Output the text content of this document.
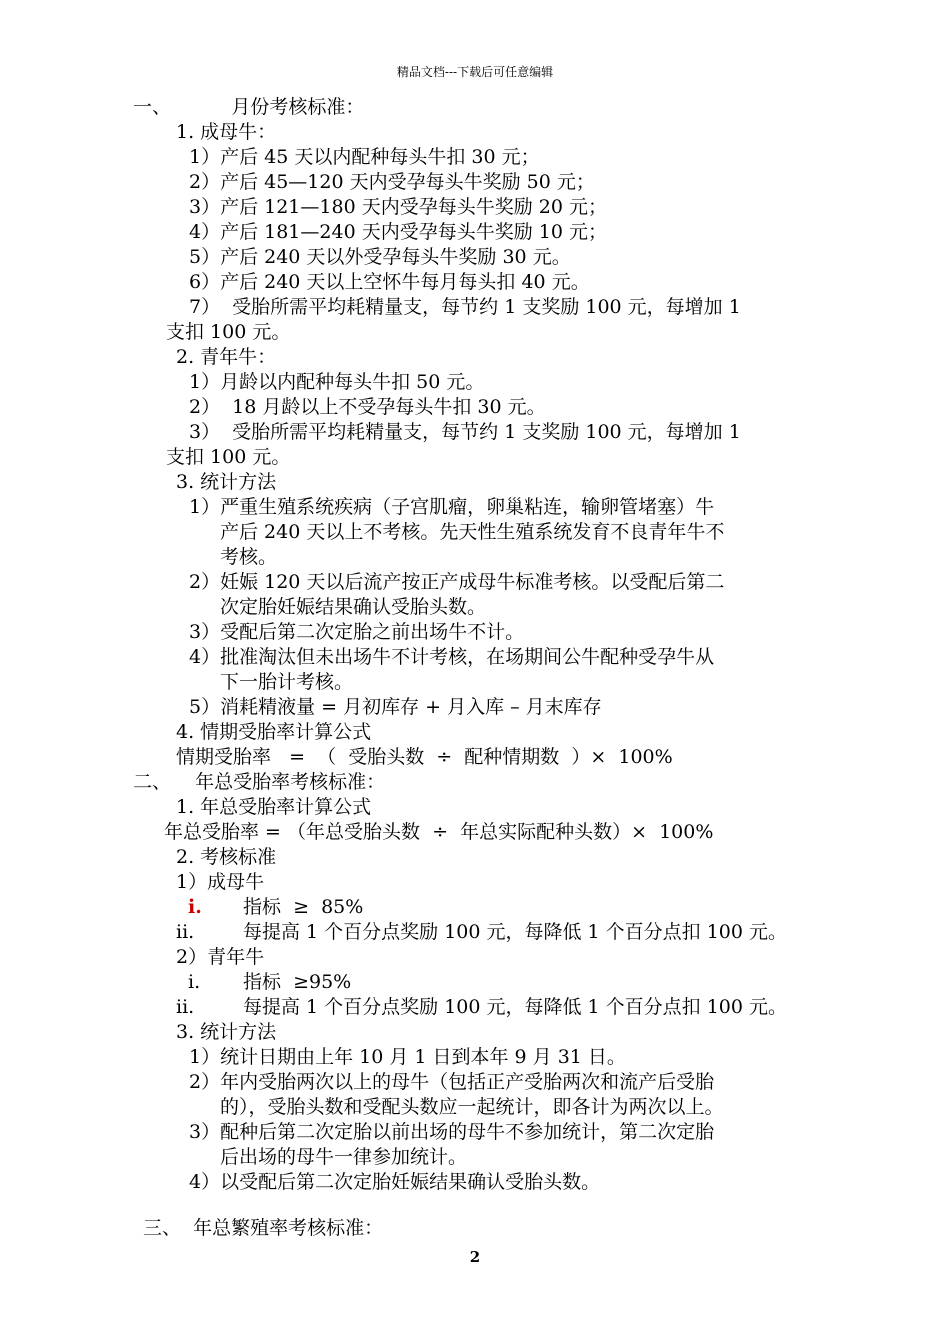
精品文档---下载后可任意编辑
一、          月份考核标准：
1. 成母牛：
1）产后 45 天以内配种每头牛扣 30 元；
2）产后 45—120 天内受孕每头牛奖励 50 元；
3）产后 121—180 天内受孕每头牛奖励 20 元；
4）产后 181—240 天内受孕每头牛奖励 10 元；
5）产后 240 天以外受孕每头牛奖励 30 元。
6）产后 240 天以上空怀牛每月每头扣 40 元。
7）  受胎所需平均耗精量支，每节约 1 支奖励 100 元，每增加 1
支扣 100 元。
2. 青年牛：
1）月龄以内配种每头牛扣 50 元。
2）  18 月龄以上不受孕每头牛扣 30 元。
3）  受胎所需平均耗精量支，每节约 1 支奖励 100 元，每增加 1
支扣 100 元。
3. 统计方法
1）严重生殖系统疾病（子宫肌瘤，卵巢粘连，输卵管堵塞）牛
产后 240 天以上不考核。先天性生殖系统发育不良青年牛不
考核。
2）妊娠 120 天以后流产按正产成母牛标准考核。以受配后第二
次定胎妊娠结果确认受胎头数。
3）受配后第二次定胎之前出场牛不计。
4）批准淘汰但未出场牛不计考核，在场期间公牛配种受孕牛从
下一胎计考核。
5）消耗精液量 = 月初库存 + 月入库 – 月末库存
4. 情期受胎率计算公式
情期受胎率   =  （  受胎头数  ÷  配种情期数  ）×  100%
二、    年总受胎率考核标准：
1. 年总受胎率计算公式
年总受胎率 = （年总受胎头数  ÷  年总实际配种头数）×  100%
2. 考核标准
1）成母牛
i. 指标  ≥  85%
ii.	每提高 1 个百分点奖励 100 元，每降低 1 个百分点扣 100 元。
2）青年牛
i. 指标  ≥95%
ii.	每提高 1 个百分点奖励 100 元，每降低 1 个百分点扣 100 元。
3. 统计方法
1）统计日期由上年 10 月 1 日到本年 9 月 31 日。
2）年内受胎两次以上的母牛（包括正产受胎两次和流产后受胎
的），受胎头数和受配头数应一起统计，即各计为两次以上。
3）配种后第二次定胎以前出场的母牛不参加统计，第二次定胎
后出场的母牛一律参加统计。
4）以受配后第二次定胎妊娠结果确认受胎头数。
三、  年总繁殖率考核标准：
2
